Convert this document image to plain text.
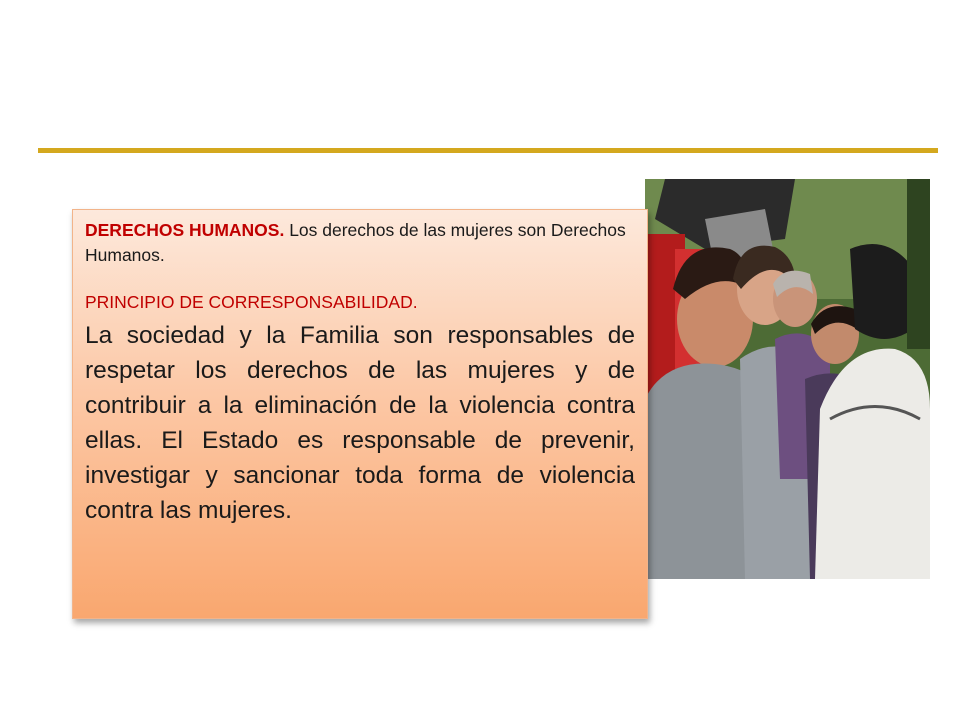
DERECHOS HUMANOS. Los derechos de las mujeres son Derechos Humanos.

PRINCIPIO DE CORRESPONSABILIDAD.

La sociedad y la Familia son responsables de respetar los derechos de las mujeres y de contribuir a la eliminación de la violencia contra ellas. El Estado es responsable de prevenir, investigar y sancionar toda forma de violencia contra las mujeres.
